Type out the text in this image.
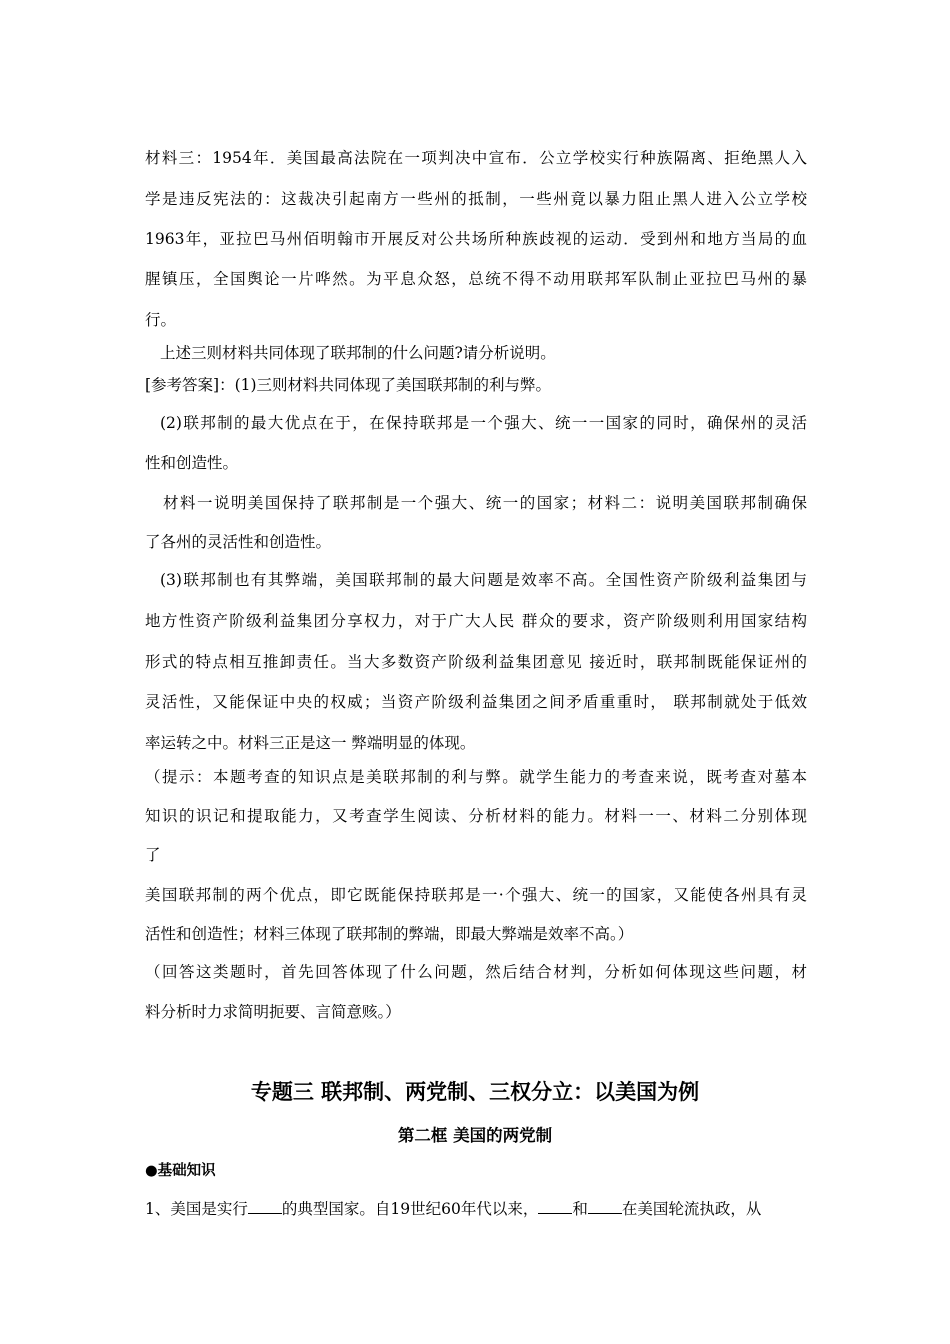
材料三：1954年．美国最高法院在一项判决中宣布．公立学校实行种族隔离、拒绝黑人入
学是违反宪法的：这裁决引起南方一些州的抵制，一些州竟以暴力阻止黑人进入公立学校
1963年，亚拉巴马州佰明翰市开展反对公共场所种族歧视的运动．受到州和地方当局的血
腥镇压，全国舆论一片哗然。为平息众怒，总统不得不动用联邦军队制止亚拉巴马州的暴
行。
上述三则材料共同体现了联邦制的什么问题?请分析说明。
[参考答案]：(1)三则材料共同体现了美国联邦制的利与弊。
(2)联邦制的最大优点在于，在保持联邦是一个强大、统一一国家的同时，确保州的灵活
性和创造性。
材料一说明美国保持了联邦制是一个强大、统一的国家；材料二：说明美国联邦制确保
了各州的灵活性和创造性。
(3)联邦制也有其弊端，美国联邦制的最大问题是效率不高。全国性资产阶级利益集团与
地方性资产阶级利益集团分享权力，对于广大人民 群众的要求，资产阶级则利用国家结构
形式的特点相互推卸责任。当大多数资产阶级利益集团意见 接近时，联邦制既能保证州的
灵活性，又能保证中央的权威；当资产阶级利益集团之间矛盾重重时， 联邦制就处于低效
率运转之中。材料三正是这一 弊端明显的体现。
（提示：本题考查的知识点是美联邦制的利与弊。就学生能力的考查来说，既考查对墓本
知识的识记和提取能力，又考查学生阅读、分析材料的能力。材料一一、材料二分别体现
了
美国联邦制的两个优点，即它既能保持联邦是一·个强大、统一的国家，又能使各州具有灵
活性和创造性；材料三体现了联邦制的弊端，即最大弊端是效率不高。）
（回答这类题时，首先回答体现了什么问题，然后结合材判，分析如何体现这些问题，材
料分析时力求简明扼要、言简意赅。）
专题三 联邦制、两党制、三权分立：以美国为例
第二框 美国的两党制
●基础知识
1、美国是实行 的典型国家。自19世纪60年代以来， 和 在美国轮流执政，从
